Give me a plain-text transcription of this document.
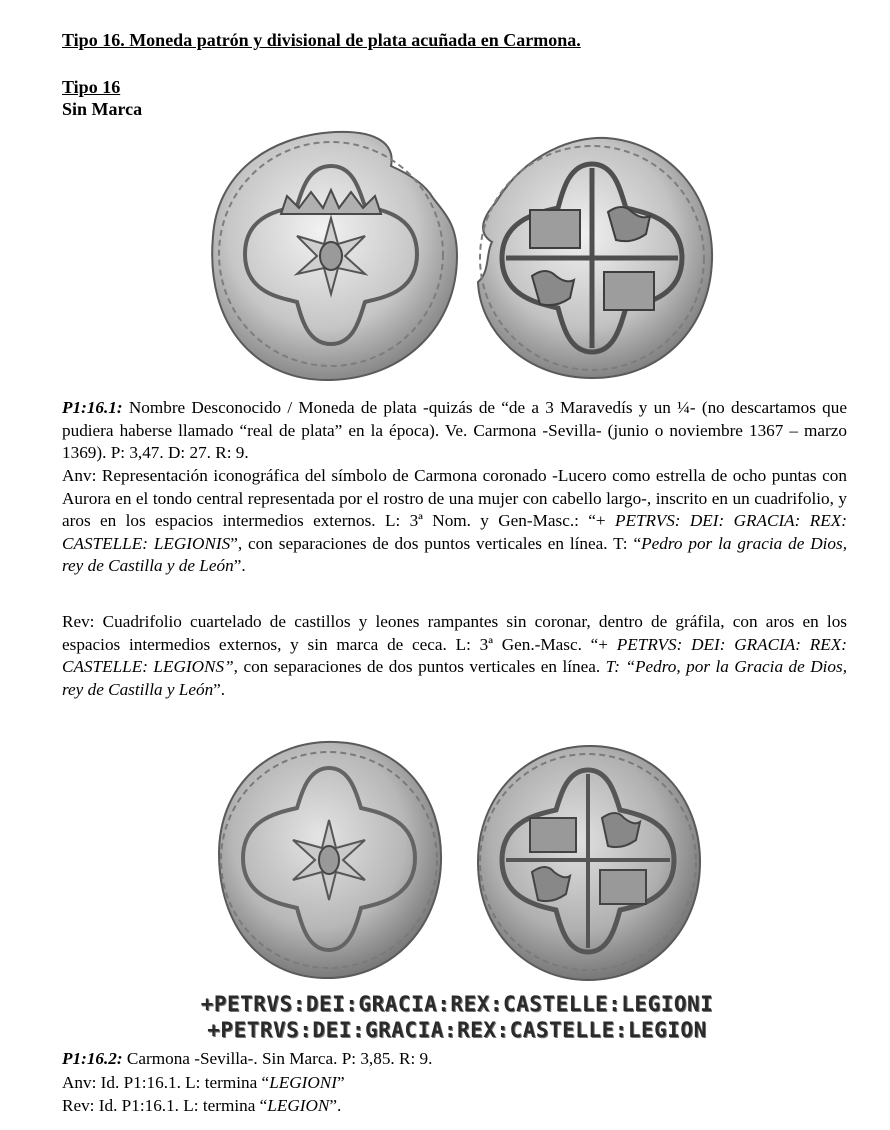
Tipo 16. Moneda patrón y divisional de plata acuñada en Carmona.
Tipo 16
Sin Marca

P1:16.1: Nombre Desconocido / Moneda de plata -quizás de “de a 3 Maravedís y un ¼- (no descartamos que pudiera haberse llamado “real de plata” en la época). Ve. Carmona -Sevilla- (junio o noviembre 1367 – marzo 1369). P: 3,47. D: 27. R: 9.

Anv: Representación iconográfica del símbolo de Carmona coronado -Lucero como estrella de ocho puntas con Aurora en el tondo central representada por el rostro de una mujer con cabello largo-, inscrito en un cuadrifolio, y aros en los espacios intermedios externos. L: 3ª Nom. y Gen-Masc.: “+ PETRVS: DEI: GRACIA: REX: CASTELLE: LEGIONIS”, con separaciones de dos puntos verticales en línea. T: “Pedro por la gracia de Dios, rey de Castilla y de León”.

Rev: Cuadrifolio cuartelado de castillos y leones rampantes sin coronar, dentro de gráfila, con aros en los espacios intermedios externos, y sin marca de ceca. L: 3ª Gen.-Masc. “+ PETRVS: DEI: GRACIA: REX: CASTELLE: LEGIONS”, con separaciones de dos puntos verticales en línea. T: “Pedro, por la Gracia de Dios, rey de Castilla y León”.

+PETRVS:DEI:GRACIA:REX:CASTELLE:LEGIONI
+PETRVS:DEI:GRACIA:REX:CASTELLE:LEGION

P1:16.2: Carmona -Sevilla-. Sin Marca. P: 3,85. R: 9.

Anv: Id. P1:16.1. L: termina “LEGIONI”

Rev: Id. P1:16.1. L: termina “LEGION”.
